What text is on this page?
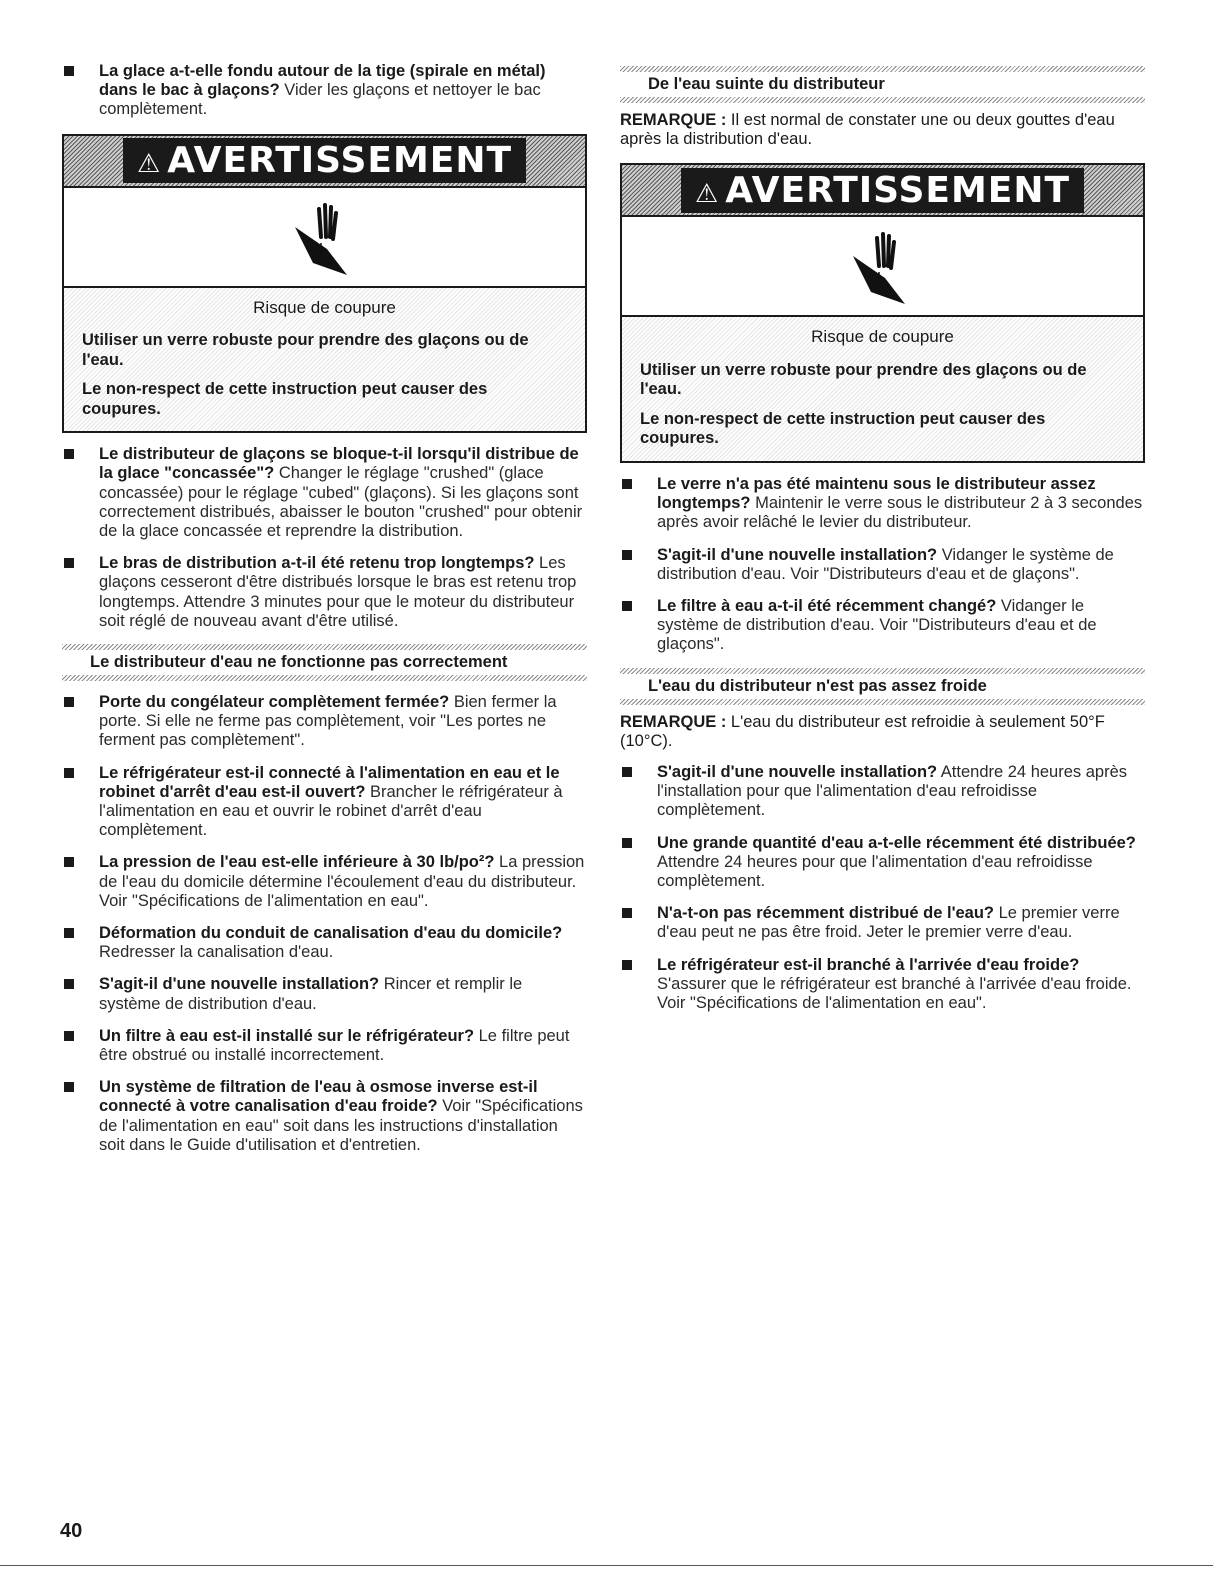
La glace a-t-elle fondu autour de la tige (spirale en métal) dans le bac à glaçons? Vider les glaçons et nettoyer le bac complètement.
⚠ AVERTISSEMENT
Risque de coupure

Utiliser un verre robuste pour prendre des glaçons ou de l'eau.

Le non-respect de cette instruction peut causer des coupures.

Le distributeur de glaçons se bloque-t-il lorsqu'il distribue de la glace "concassée"? Changer le réglage "crushed" (glace concassée) pour le réglage "cubed" (glaçons). Si les glaçons sont correctement distribués, abaisser le bouton "crushed" pour obtenir de la glace concassée et reprendre la distribution.
Le bras de distribution a-t-il été retenu trop longtemps? Les glaçons cesseront d'être distribués lorsque le bras est retenu trop longtemps. Attendre 3 minutes pour que le moteur du distributeur soit réglé de nouveau avant d'être utilisé.
Le distributeur d'eau ne fonctionne pas correctement
Porte du congélateur complètement fermée? Bien fermer la porte. Si elle ne ferme pas complètement, voir "Les portes ne ferment pas complètement".
Le réfrigérateur est-il connecté à l'alimentation en eau et le robinet d'arrêt d'eau est-il ouvert? Brancher le réfrigérateur à l'alimentation en eau et ouvrir le robinet d'arrêt d'eau complètement.
La pression de l'eau est-elle inférieure à 30 lb/po²? La pression de l'eau du domicile détermine l'écoulement d'eau du distributeur. Voir "Spécifications de l'alimentation en eau".
Déformation du conduit de canalisation d'eau du domicile? Redresser la canalisation d'eau.
S'agit-il d'une nouvelle installation? Rincer et remplir le système de distribution d'eau.
Un filtre à eau est-il installé sur le réfrigérateur? Le filtre peut être obstrué ou installé incorrectement.
Un système de filtration de l'eau à osmose inverse est-il connecté à votre canalisation d'eau froide? Voir "Spécifications de l'alimentation en eau" soit dans les instructions d'installation soit dans le Guide d'utilisation et d'entretien.
De l'eau suinte du distributeur
REMARQUE : Il est normal de constater une ou deux gouttes d'eau après la distribution d'eau.
⚠ AVERTISSEMENT
Risque de coupure

Utiliser un verre robuste pour prendre des glaçons ou de l'eau.

Le non-respect de cette instruction peut causer des coupures.

Le verre n'a pas été maintenu sous le distributeur assez longtemps? Maintenir le verre sous le distributeur 2 à 3 secondes après avoir relâché le levier du distributeur.
S'agit-il d'une nouvelle installation? Vidanger le système de distribution d'eau. Voir "Distributeurs d'eau et de glaçons".
Le filtre à eau a-t-il été récemment changé? Vidanger le système de distribution d'eau. Voir "Distributeurs d'eau et de glaçons".
L'eau du distributeur n'est pas assez froide
REMARQUE : L'eau du distributeur est refroidie à seulement 50°F (10°C).
S'agit-il d'une nouvelle installation? Attendre 24 heures après l'installation pour que l'alimentation d'eau refroidisse complètement.
Une grande quantité d'eau a-t-elle récemment été distribuée? Attendre 24 heures pour que l'alimentation d'eau refroidisse complètement.
N'a-t-on pas récemment distribué de l'eau? Le premier verre d'eau peut ne pas être froid. Jeter le premier verre d'eau.
Le réfrigérateur est-il branché à l'arrivée d'eau froide? S'assurer que le réfrigérateur est branché à l'arrivée d'eau froide. Voir "Spécifications de l'alimentation en eau".
40
